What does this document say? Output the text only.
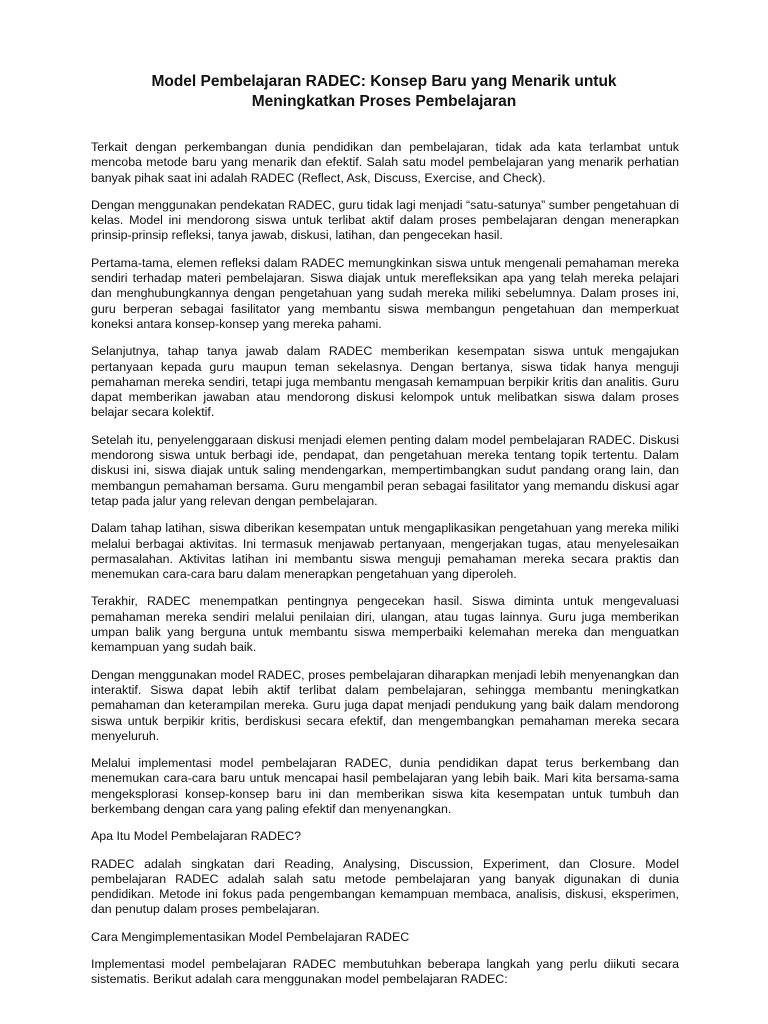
Model Pembelajaran RADEC: Konsep Baru yang Menarik untuk Meningkatkan Proses Pembelajaran

Terkait dengan perkembangan dunia pendidikan dan pembelajaran, tidak ada kata terlambat untuk mencoba metode baru yang menarik dan efektif. Salah satu model pembelajaran yang menarik perhatian banyak pihak saat ini adalah RADEC (Reflect, Ask, Discuss, Exercise, and Check).

Dengan menggunakan pendekatan RADEC, guru tidak lagi menjadi “satu-satunya” sumber pengetahuan di kelas. Model ini mendorong siswa untuk terlibat aktif dalam proses pembelajaran dengan menerapkan prinsip-prinsip refleksi, tanya jawab, diskusi, latihan, dan pengecekan hasil.

Pertama-tama, elemen refleksi dalam RADEC memungkinkan siswa untuk mengenali pemahaman mereka sendiri terhadap materi pembelajaran. Siswa diajak untuk merefleksikan apa yang telah mereka pelajari dan menghubungkannya dengan pengetahuan yang sudah mereka miliki sebelumnya. Dalam proses ini, guru berperan sebagai fasilitator yang membantu siswa membangun pengetahuan dan memperkuat koneksi antara konsep-konsep yang mereka pahami.

Selanjutnya, tahap tanya jawab dalam RADEC memberikan kesempatan siswa untuk mengajukan pertanyaan kepada guru maupun teman sekelasnya. Dengan bertanya, siswa tidak hanya menguji pemahaman mereka sendiri, tetapi juga membantu mengasah kemampuan berpikir kritis dan analitis. Guru dapat memberikan jawaban atau mendorong diskusi kelompok untuk melibatkan siswa dalam proses belajar secara kolektif.

Setelah itu, penyelenggaraan diskusi menjadi elemen penting dalam model pembelajaran RADEC. Diskusi mendorong siswa untuk berbagi ide, pendapat, dan pengetahuan mereka tentang topik tertentu. Dalam diskusi ini, siswa diajak untuk saling mendengarkan, mempertimbangkan sudut pandang orang lain, dan membangun pemahaman bersama. Guru mengambil peran sebagai fasilitator yang memandu diskusi agar tetap pada jalur yang relevan dengan pembelajaran.

Dalam tahap latihan, siswa diberikan kesempatan untuk mengaplikasikan pengetahuan yang mereka miliki melalui berbagai aktivitas. Ini termasuk menjawab pertanyaan, mengerjakan tugas, atau menyelesaikan permasalahan. Aktivitas latihan ini membantu siswa menguji pemahaman mereka secara praktis dan menemukan cara-cara baru dalam menerapkan pengetahuan yang diperoleh.

Terakhir, RADEC menempatkan pentingnya pengecekan hasil. Siswa diminta untuk mengevaluasi pemahaman mereka sendiri melalui penilaian diri, ulangan, atau tugas lainnya. Guru juga memberikan umpan balik yang berguna untuk membantu siswa memperbaiki kelemahan mereka dan menguatkan kemampuan yang sudah baik.

Dengan menggunakan model RADEC, proses pembelajaran diharapkan menjadi lebih menyenangkan dan interaktif. Siswa dapat lebih aktif terlibat dalam pembelajaran, sehingga membantu meningkatkan pemahaman dan keterampilan mereka. Guru juga dapat menjadi pendukung yang baik dalam mendorong siswa untuk berpikir kritis, berdiskusi secara efektif, dan mengembangkan pemahaman mereka secara menyeluruh.

Melalui implementasi model pembelajaran RADEC, dunia pendidikan dapat terus berkembang dan menemukan cara-cara baru untuk mencapai hasil pembelajaran yang lebih baik. Mari kita bersama-sama mengeksplorasi konsep-konsep baru ini dan memberikan siswa kita kesempatan untuk tumbuh dan berkembang dengan cara yang paling efektif dan menyenangkan.

Apa Itu Model Pembelajaran RADEC?

RADEC adalah singkatan dari Reading, Analysing, Discussion, Experiment, dan Closure. Model pembelajaran RADEC adalah salah satu metode pembelajaran yang banyak digunakan di dunia pendidikan. Metode ini fokus pada pengembangan kemampuan membaca, analisis, diskusi, eksperimen, dan penutup dalam proses pembelajaran.

Cara Mengimplementasikan Model Pembelajaran RADEC

Implementasi model pembelajaran RADEC membutuhkan beberapa langkah yang perlu diikuti secara sistematis. Berikut adalah cara menggunakan model pembelajaran RADEC:
